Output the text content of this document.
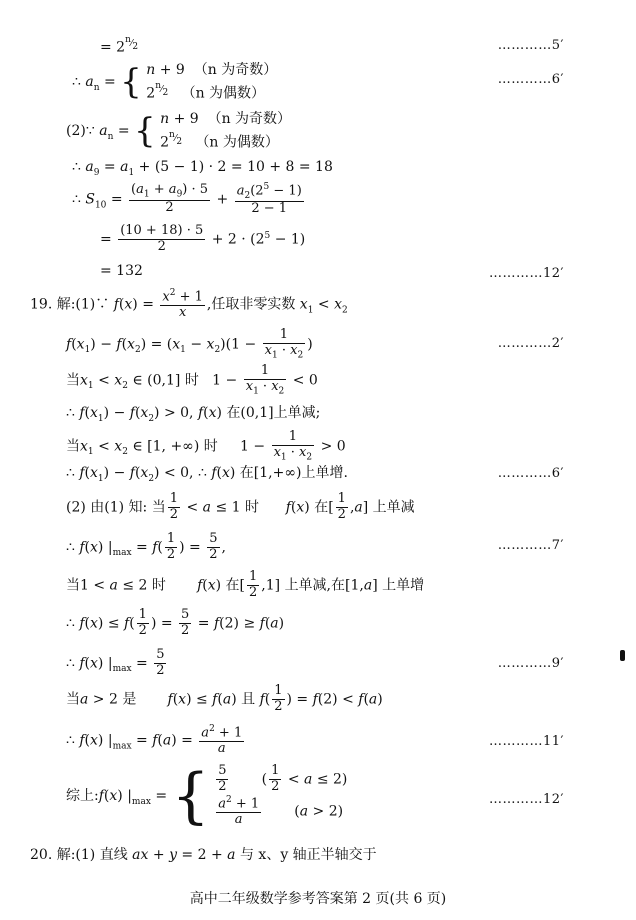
= $2^{^n⁄_2}$	…………5′
∴ $a_n$ = { n + 9  （n 为奇数）
$2^{^n⁄_2}$ （n 为偶数）
…………6′
(2)∵ $a_n$ = { n + 9  （n 为奇数）
$2^{^n⁄_2}$ （n 为偶数）
∴ $a_9 = a_1 + (5 - 1) \cdot 2 = 10 + 8 = 18$
∴ $S_{10} = \frac{(a_1 + a_9) \cdot 5}{2} + \frac{a_2(2^5 - 1)}{2 - 1}$
= $\frac{(10 + 18) \cdot 5}{2} + 2 \cdot (2^5 - 1)$
= 132	…………12′
19. 解:(1)∵ $f(x) = \frac{x^2 + 1}{x}$ ,任取非零实数 $x_1 < x_2$
$f(x_1) - f(x_2) = (x_1 - x_2)(1 - \frac{1}{x_1 \cdot x_2}$ )	…………2′
当$x_1 < x_2$ ∈ (0,1] 时   $1 - \frac{1}{x_1 \cdot x_2} < 0$
∴ $f(x_1) - f(x_2) > 0$, f(x) 在(0,1]上单减;
当$x_1 < x_2$ ∈ [1, +∞) 时     $1 - \frac{1}{x_1 \cdot x_2} > 0$
∴ $f(x_1) - f(x_2) < 0$, ∴ f(x) 在[1,+∞)上单增.	…………6′
(2) 由(1) 知: 当 $\frac{1}{2} < a \le 1$ 时 f(x) 在[ $\frac{1}{2} ,a$] 上单减
∴ f(x) $|_{max} = f( \frac{1}{2}$ ) = $\frac{5}{2}$ ,	…………7′
当1 < a ≤ 2 时 f(x) 在[ $\frac{1}{2} ,1$] 上单减,在[1,a] 上单增
∴ $f(x) \le f( \frac{1}{2}$ ) = $\frac{5}{2} = f(2) \ge f(a)$
∴ f(x) $|_{max} = \frac{5}{2}$	…………9′
当a > 2 是 f(x) ≤ f(a) 且 $f( \frac{1}{2}$ ) = f(2) < f(a)
∴ f(x) $|_{max} = f(a) = \frac{a^2 + 1}{a}$	…………11′
综上:f(x) $|_{max}$ = { $\frac{5}{2}$ ( $\frac{1}{2} < a \le 2$)
$\frac{a^2 + 1}{a} (a > 2)$
…………12′
20. 解:(1) 直线 ax + y = 2 + a 与 x、y 轴正半轴交于
高中二年级数学参考答案第 2 页(共 6 页)
